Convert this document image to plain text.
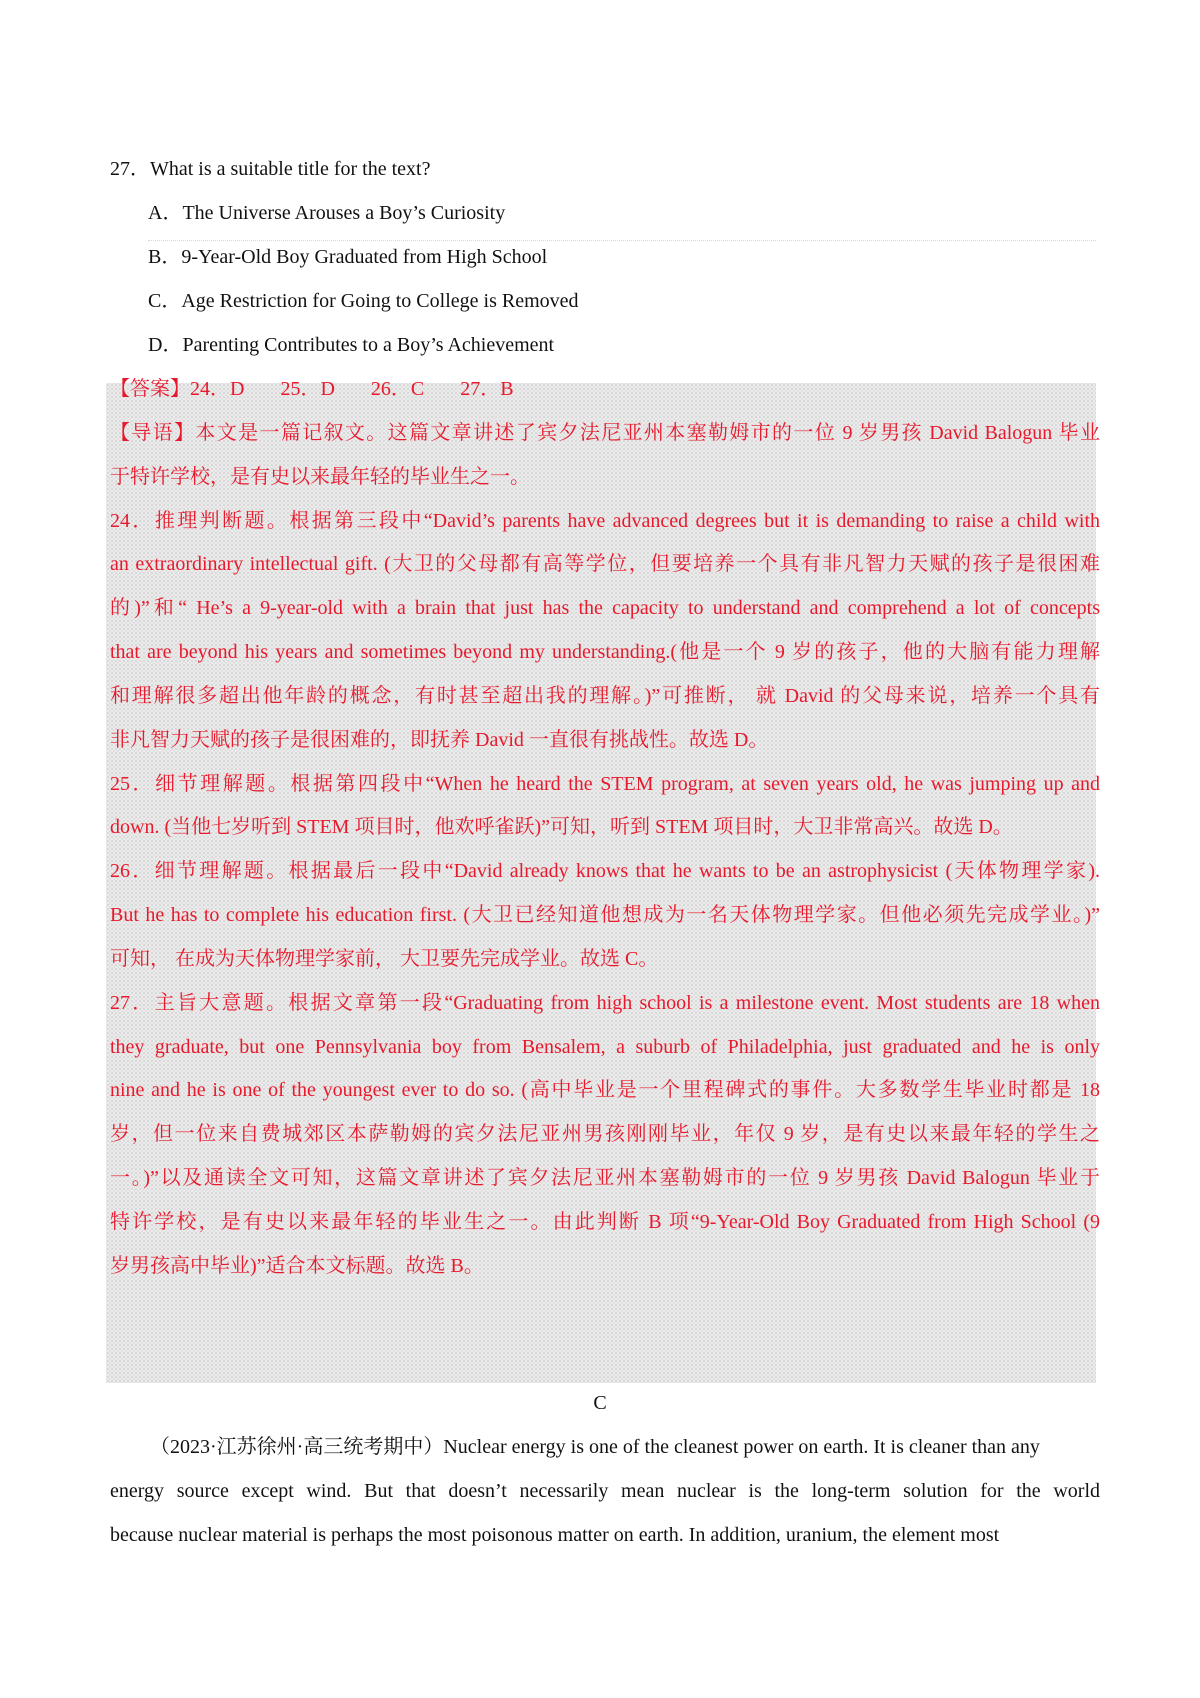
27．What is a suitable title for the text?
A．The Universe Arouses a Boy’s Curiosity
B．9-Year-Old Boy Graduated from High School
C．Age Restriction for Going to College is Removed
D．Parenting Contributes to a Boy’s Achievement
【答案】24．D 25．D 26．C 27．B
【导语】本文是一篇记叙文。这篇文章讲述了宾夕法尼亚州本塞勒姆市的一位 9 岁男孩 David Balogun 毕业
于特许学校，是有史以来最年轻的毕业生之一。
24．推理判断题。根据第三段中“David’s parents have advanced degrees but it is demanding to raise a child with
an extraordinary intellectual gift. (大卫的父母都有高等学位，但要培养一个具有非凡智力天赋的孩子是很困难
的)”和“ He’s a 9-year-old with a brain that just has the capacity to understand and comprehend a lot of concepts
that are beyond his years and sometimes beyond my understanding.(他是一个 9 岁的孩子，他的大脑有能力理解
和理解很多超出他年龄的概念，有时甚至超出我的理解。)”可推断， 就 David 的父母来说，培养一个具有
非凡智力天赋的孩子是很困难的，即抚养 David 一直很有挑战性。故选 D。
25．细节理解题。根据第四段中“When he heard the STEM program, at seven years old, he was jumping up and
down. (当他七岁听到 STEM 项目时，他欢呼雀跃)”可知，听到 STEM 项目时，大卫非常高兴。故选 D。
26．细节理解题。根据最后一段中“David already knows that he wants to be an astrophysicist (天体物理学家).
But he has to complete his education first. (大卫已经知道他想成为一名天体物理学家。但他必须先完成学业。)”
可知， 在成为天体物理学家前， 大卫要先完成学业。故选 C。
27．主旨大意题。根据文章第一段“Graduating from high school is a milestone event. Most students are 18 when
they graduate, but one Pennsylvania boy from Bensalem, a suburb of Philadelphia, just graduated and he is only
nine and he is one of the youngest ever to do so. (高中毕业是一个里程碑式的事件。大多数学生毕业时都是 18
岁，但一位来自费城郊区本萨勒姆的宾夕法尼亚州男孩刚刚毕业，年仅 9 岁，是有史以来最年轻的学生之
一。)”以及通读全文可知，这篇文章讲述了宾夕法尼亚州本塞勒姆市的一位 9 岁男孩 David Balogun 毕业于
特许学校，是有史以来最年轻的毕业生之一。由此判断 B 项“9-Year-Old Boy Graduated from High School (9
岁男孩高中毕业)”适合本文标题。故选 B。
C
（2023·江苏徐州·高三统考期中）Nuclear energy is one of the cleanest power on earth. It is cleaner than any
energy source except wind. But that doesn’t necessarily mean nuclear is the long-term solution for the world
because nuclear material is perhaps the most poisonous matter on earth. In addition, uranium, the element most
